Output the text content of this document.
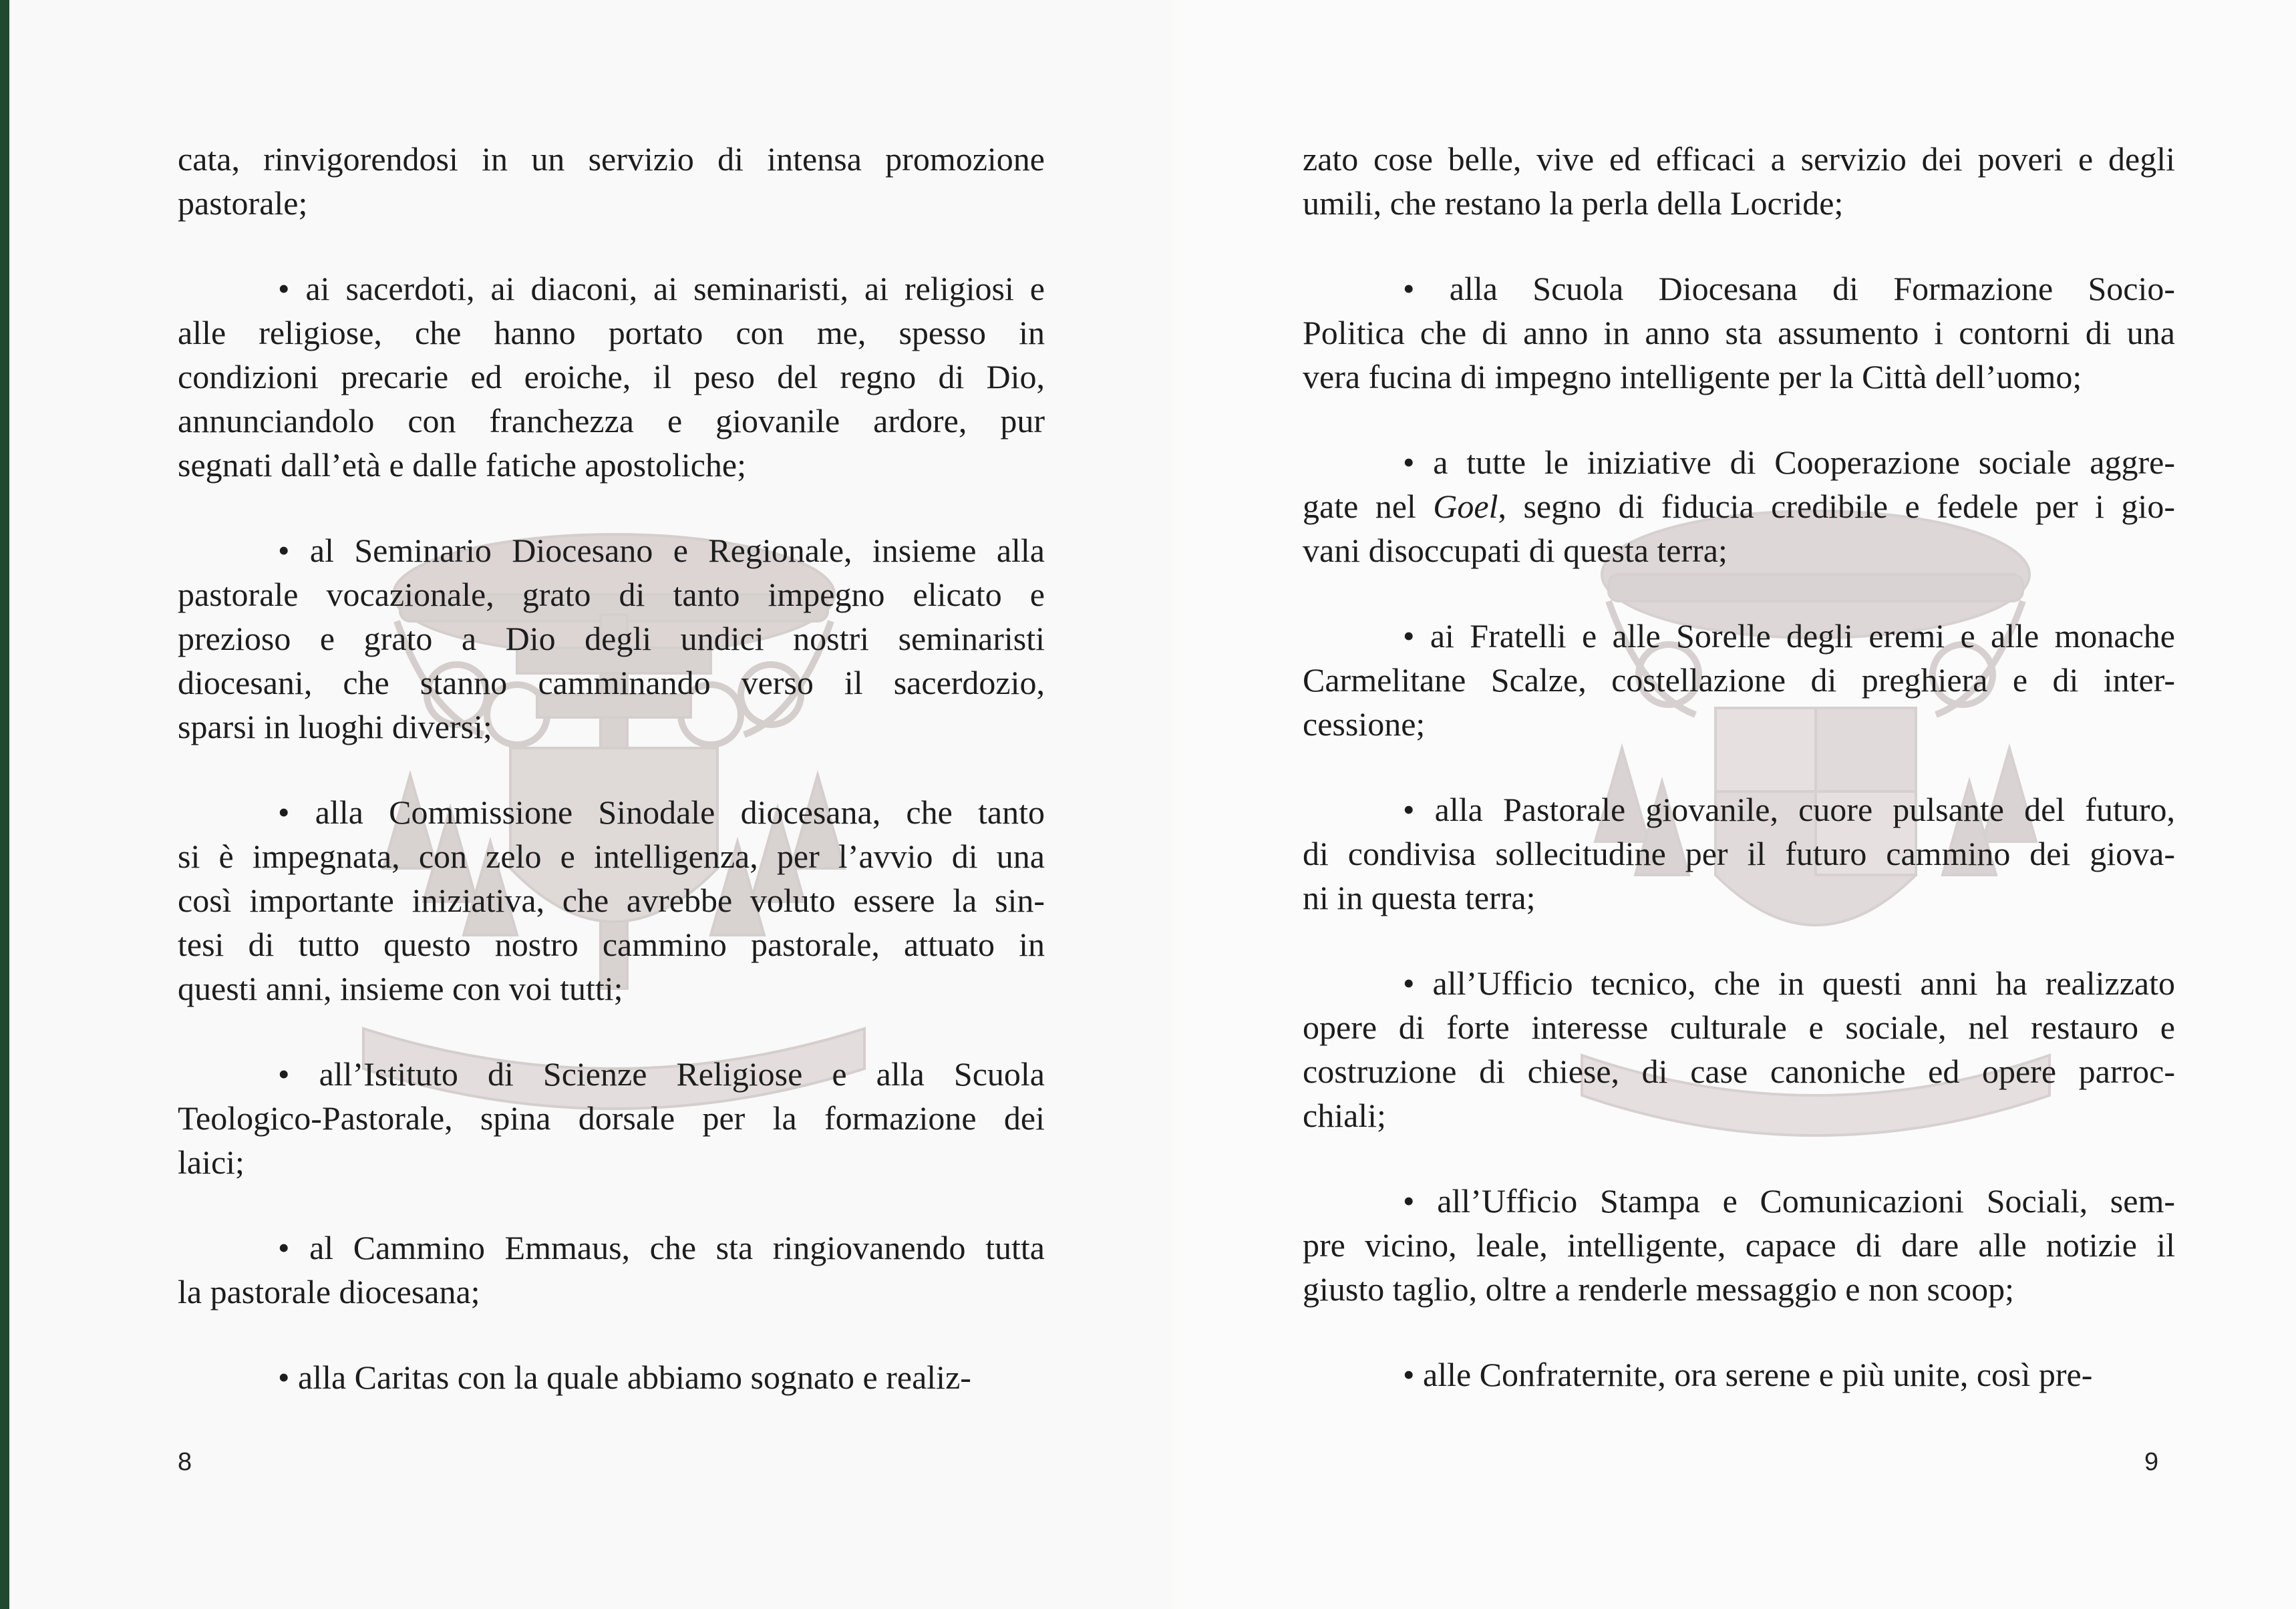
cata, rinvigorendosi in un servizio di intensa promozione
pastorale;

• ai sacerdoti, ai diaconi, ai seminaristi, ai religiosi e
alle religiose, che hanno portato con me, spesso in
condizioni precarie ed eroiche, il peso del regno di Dio,
annunciandolo con franchezza e giovanile ardore, pur
segnati dall’età e dalle fatiche apostoliche;

• al Seminario Diocesano e Regionale, insieme alla
pastorale vocazionale, grato di tanto impegno elicato e
prezioso e grato a Dio degli undici nostri seminaristi
diocesani, che stanno camminando verso il sacerdozio,
sparsi in luoghi diversi;

• alla Commissione Sinodale diocesana, che tanto
si è impegnata, con zelo e intelligenza, per l’avvio di una
così importante iniziativa, che avrebbe voluto essere la sin-
tesi di tutto questo nostro cammino pastorale, attuato in
questi anni, insieme con voi tutti;

• all’Istituto di Scienze Religiose e alla Scuola
Teologico-Pastorale, spina dorsale per la formazione dei
laici;

• al Cammino Emmaus, che sta ringiovanendo tutta
la pastorale diocesana;

• alla Caritas con la quale abbiamo sognato e realiz-

8

zato cose belle, vive ed efficaci a servizio dei poveri e degli
umili, che restano la perla della Locride;

• alla Scuola Diocesana di Formazione Socio-
Politica che di anno in anno sta assumento i contorni di una
vera fucina di impegno intelligente per la Città dell’uomo;

• a tutte le iniziative di Cooperazione sociale aggre-
gate nel Goel, segno di fiducia credibile e fedele per i gio-
vani disoccupati di questa terra;

• ai Fratelli e alle Sorelle degli eremi e alle monache
Carmelitane Scalze, costellazione di preghiera e di inter-
cessione;

• alla Pastorale giovanile, cuore pulsante del futuro,
di condivisa sollecitudine per il futuro cammino dei giova-
ni in questa terra;

• all’Ufficio tecnico, che in questi anni ha realizzato
opere di forte interesse culturale e sociale, nel restauro e
costruzione di chiese, di case canoniche ed opere parroc-
chiali;

• all’Ufficio Stampa e Comunicazioni Sociali, sem-
pre vicino, leale, intelligente, capace di dare alle notizie il
giusto taglio, oltre a renderle messaggio e non scoop;

• alle Confraternite, ora serene e più unite, così pre-

9
